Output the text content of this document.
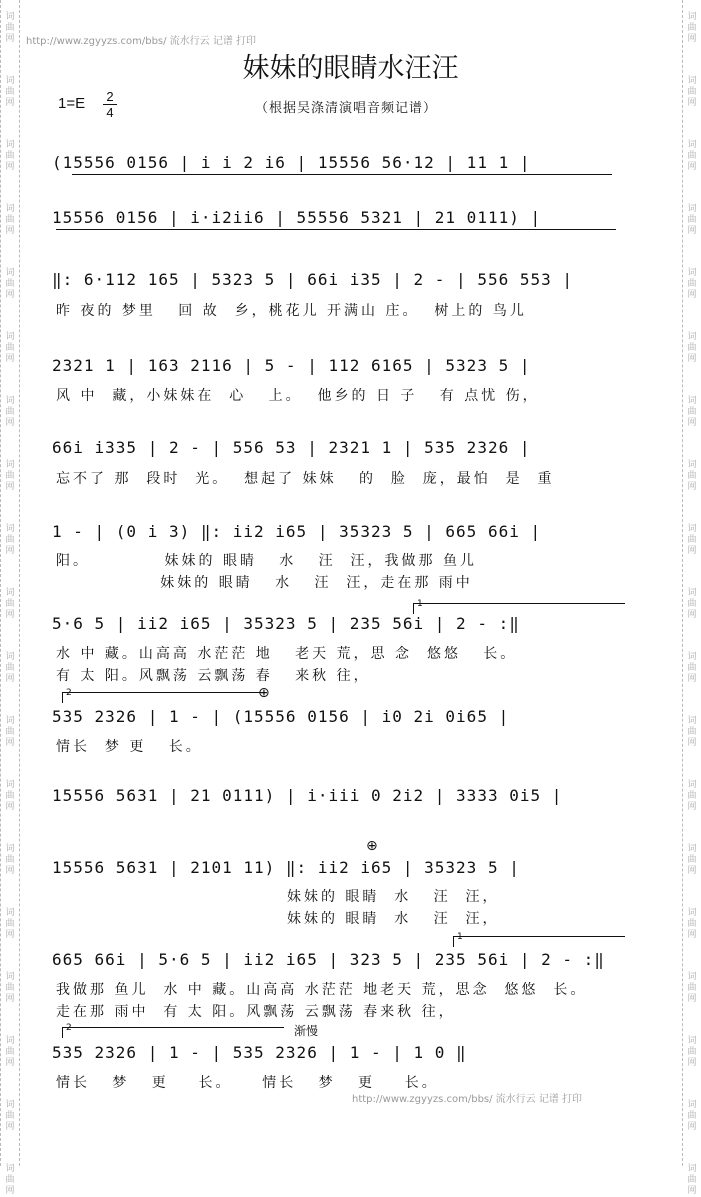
词
曲
网
词
曲
网
词
曲
网
词
曲
网
词
曲
网
词
曲
网
词
曲
网
词
曲
网
词
曲
网
词
曲
网
词
曲
网
词
曲
网
词
曲
网
词
曲
网
词
曲
网
词
曲
网
词
曲
网
词
曲
网
词
曲
网
词
曲
网
词
曲
网
词
曲
网
词
曲
网
词
曲
网
词
曲
网
词
曲
网
词
曲
网
词
曲
网
词
曲
网
词
曲
网
词
曲
网
词
曲
网
词
曲
网
词
曲
网
词
曲
网
词
曲
网
词
曲
网
词
曲
网
http://www.zgyyzs.com/bbs/ 流水行云 记谱 打印
http://www.zgyyzs.com/bbs/ 流水行云 记谱 打印
妹妹的眼睛水汪汪
1=E 2
4	（根据吴涤清演唱音频记谱）
(15556 0156 | i i 2 i6 | 15556 56·12 | 11 1 |
15556 0156 | i·i2ii6 | 55556 5321 | 21 0111) |
‖: 6·112 165 | 5323 5 | 66i i35 | 2 - | 556 553 |
昨 夜的 梦里   回 故  乡，桃花儿 开满山 庄。  树上的 鸟儿
2321 1 | 163 2116 | 5 - | 112 6165 | 5323 5 |
风 中  藏，小妹妹在  心   上。  他乡的 日 子   有 点忧 伤，
66i i335 | 2 - | 556 53 | 2321 1 | 535 2326 |
忘不了 那  段时  光。  想起了 妹妹   的  脸  庞，最怕  是  重
1 - | (0 i 3) ‖: ii2 i65 | 35323 5 | 665 66i |
阳。          妹妹的 眼睛   水   汪  汪，我做那 鱼儿
妹妹的 眼睛   水   汪  汪，走在那 雨中
1
5·6 5 | ii2 i65 | 35323 5 | 235 56i | 2 - :‖
水 中 藏。山高高 水茫茫 地   老天 荒，思 念  悠悠   长。
有 太 阳。风飘荡 云飘荡 春   来秋 往，
2	⊕
535 2326 | 1 - | (15556 0156 | i0 2i 0i65 |
情长  梦 更   长。
15556 5631 | 21 0111) | i·iii 0 2i2 | 3333 0i5 |
⊕
15556 5631 | 2101 11) ‖: ii2 i65 | 35323 5 |
妹妹的 眼睛  水   汪  汪，
妹妹的 眼睛  水   汪  汪，
1
665 66i | 5·6 5 | ii2 i65 | 323 5 | 235 56i | 2 - :‖
我做那 鱼儿  水 中 藏。山高高 水茫茫 地老天 荒，思念  悠悠  长。
走在那 雨中  有 太 阳。风飘荡 云飘荡 春来秋 往，
2	渐慢
535 2326 | 1 - | 535 2326 | 1 - | 1 0 ‖
情长   梦   更    长。    情长   梦   更    长。
